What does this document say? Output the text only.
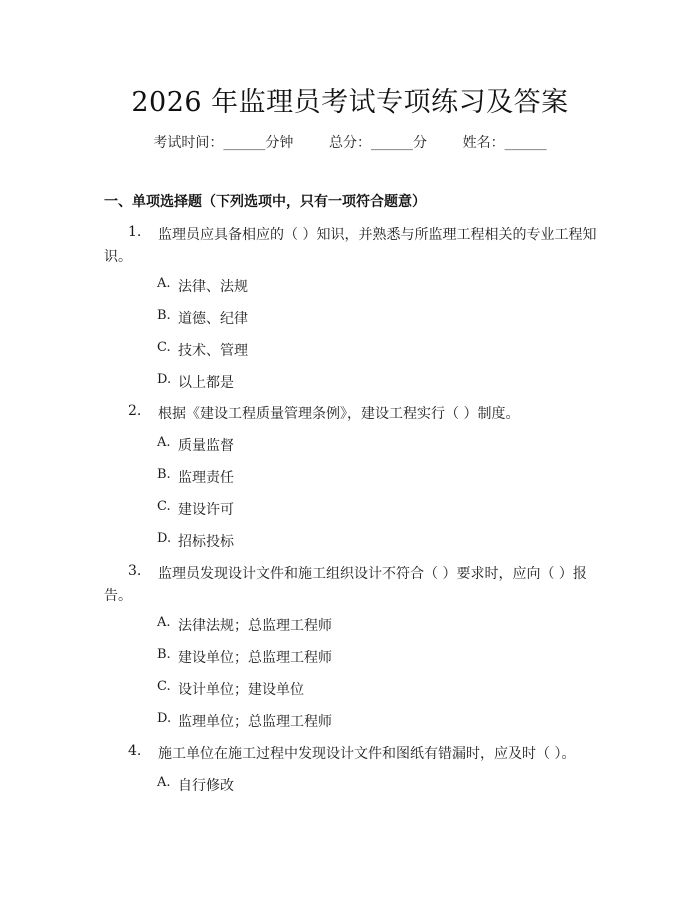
2026 年监理员考试专项练习及答案
考试时间：______分钟	总分：______分	姓名：______
一、单项选择题（下列选项中，只有一项符合题意）
1. 监理员应具备相应的（ ）知识，并熟悉与所监理工程相关的专业工程知
识。
A. 法律、法规
B. 道德、纪律
C. 技术、管理
D. 以上都是
2. 根据《建设工程质量管理条例》，建设工程实行（ ）制度。
A. 质量监督
B. 监理责任
C. 建设许可
D. 招标投标
3. 监理员发现设计文件和施工组织设计不符合（ ）要求时，应向（ ）报
告。
A. 法律法规；总监理工程师
B. 建设单位；总监理工程师
C. 设计单位；建设单位
D. 监理单位；总监理工程师
4. 施工单位在施工过程中发现设计文件和图纸有错漏时，应及时（ ）。
A. 自行修改
